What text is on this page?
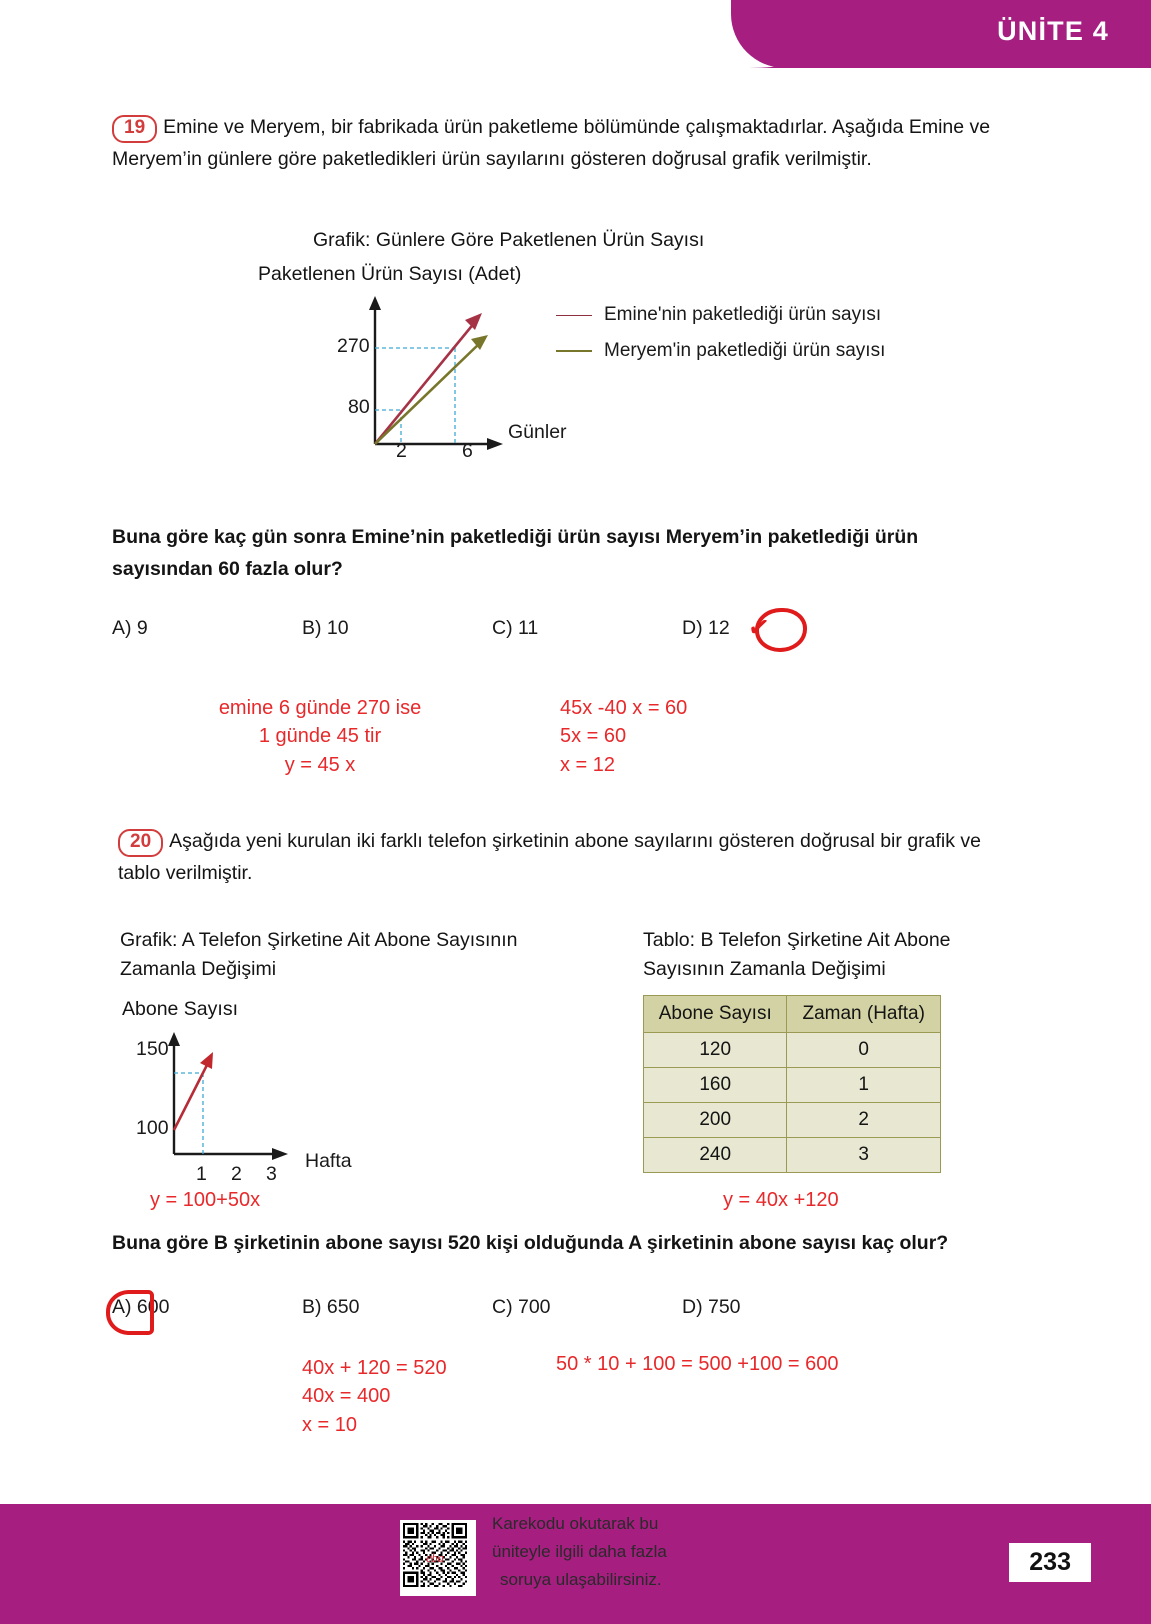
ÜNİTE 4
19 Emine ve Meryem, bir fabrikada ürün paketleme bölümünde çalışmaktadırlar. Aşağıda Emine ve Meryem’in günlere göre paketledikleri ürün sayılarını gösteren doğrusal grafik verilmiştir.
Grafik: Günlere Göre Paketlenen Ürün Sayısı
Paketlenen Ürün Sayısı (Adet)
270
80
2	6
Günler
Emine'nin paketlediği ürün sayısı
Meryem'in paketlediği ürün sayısı
Buna göre kaç gün sonra Emine’nin paketlediği ürün sayısı Meryem’in paketlediği ürün sayısından 60 fazla olur?
A) 9	B) 10	C) 11	D) 12 ✓
emine 6 günde 270 ise
1 günde 45 tir
y = 45 x
45x -40 x = 60
5x = 60
x = 12
20 Aşağıda yeni kurulan iki farklı telefon şirketinin abone sayılarını gösteren doğrusal bir grafik ve tablo verilmiştir.
Grafik: A Telefon Şirketine Ait Abone Sayısının Zamanla Değişimi
Abone Sayısı
150
100
1 2 3
Hafta
y = 100+50x
Tablo: B Telefon Şirketine Ait Abone Sayısının Zamanla Değişimi
Abone Sayısı	Zaman (Hafta)
120	0
160	1
200	2
240	3
y = 40x +120
Buna göre B şirketinin abone sayısı 520 kişi olduğunda A şirketinin abone sayısı kaç olur?
A) 600	B) 650	C) 700	D) 750
40x + 120 = 520
40x = 400
x = 10
50 * 10 + 100 = 500 +100 = 600
eba
Karekodu okutarak bu
üniteyle ilgili daha fazla
soruya ulaşabilirsiniz.
233
